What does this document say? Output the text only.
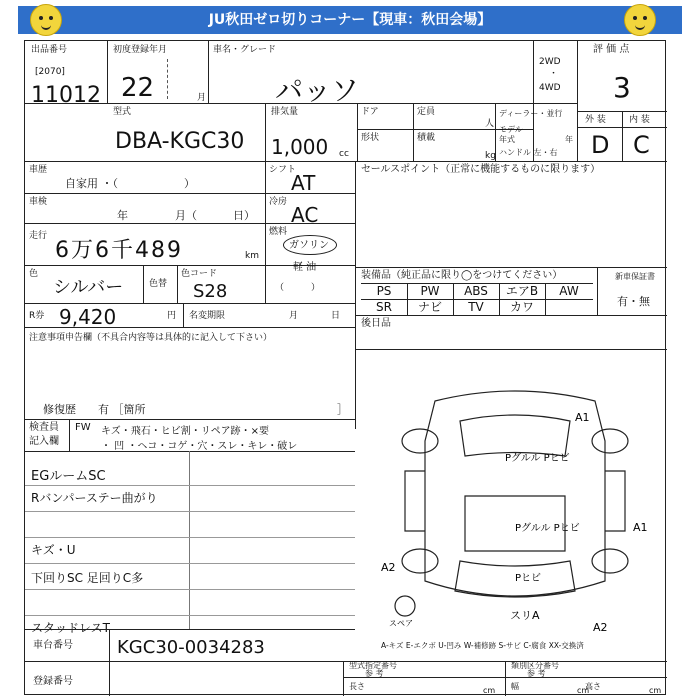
JU秋田ゼロ切りコーナー【現車：秋田会場】
出品番号
[2070]
11012
初度登録年月
22	月
車名・グレード
パッソ
2WD
・
4WD
評 価 点
3
型式
DBA-KGC30
排気量
1,000 cc
ドア	定員
人
形状	積載
kg
ディーラー・並行
モデル
年式	年
ハンドル 左・右
外 装	内 装
D C
車歴
自家用 ・（　　　　　　）
車検
年	月（	日）
シフト
AT
冷房
AC
走行
6万6千489	km
燃料
ガソリン
軽 油
（　　　）
色
シルバー	色替
色コード
S28
R券 9,420	円 名変期限	月	日
注意事項申告欄（不具合内容等は具体的に記入して下さい）
修復歴　　有 ［箇所	］
検査員
記入欄
FW キズ・飛石・ヒビ割・リペア跡・×要
・ 凹 ・ヘコ・コゲ・穴・スレ・キレ・破レ
EGルームSC
Rバンパーステー曲がり
キズ・U
下回りSC 足回りC多
スタッドレスT
セールスポイント（正常に機能するものに限ります）
装備品（純正品に限り◯をつけてください）	新車保証書
有・無
PS	PW	ABS	エアB	AW
SR	ナビ	TV	カワ
後日品
A1
Pグルル Pヒビ
Pグルル Pヒビ	A1
A2
Pヒビ
スリA
A2
スペア
A-キズ E-エクボ U-凹み W-補修跡 S-サビ C-腐食 XX-交換済
車台番号 KGC30-0034283
登録番号
型式指定番号
参 考
類別区分番号
参 考
長さ	cm 幅	cm
高さ	cm
